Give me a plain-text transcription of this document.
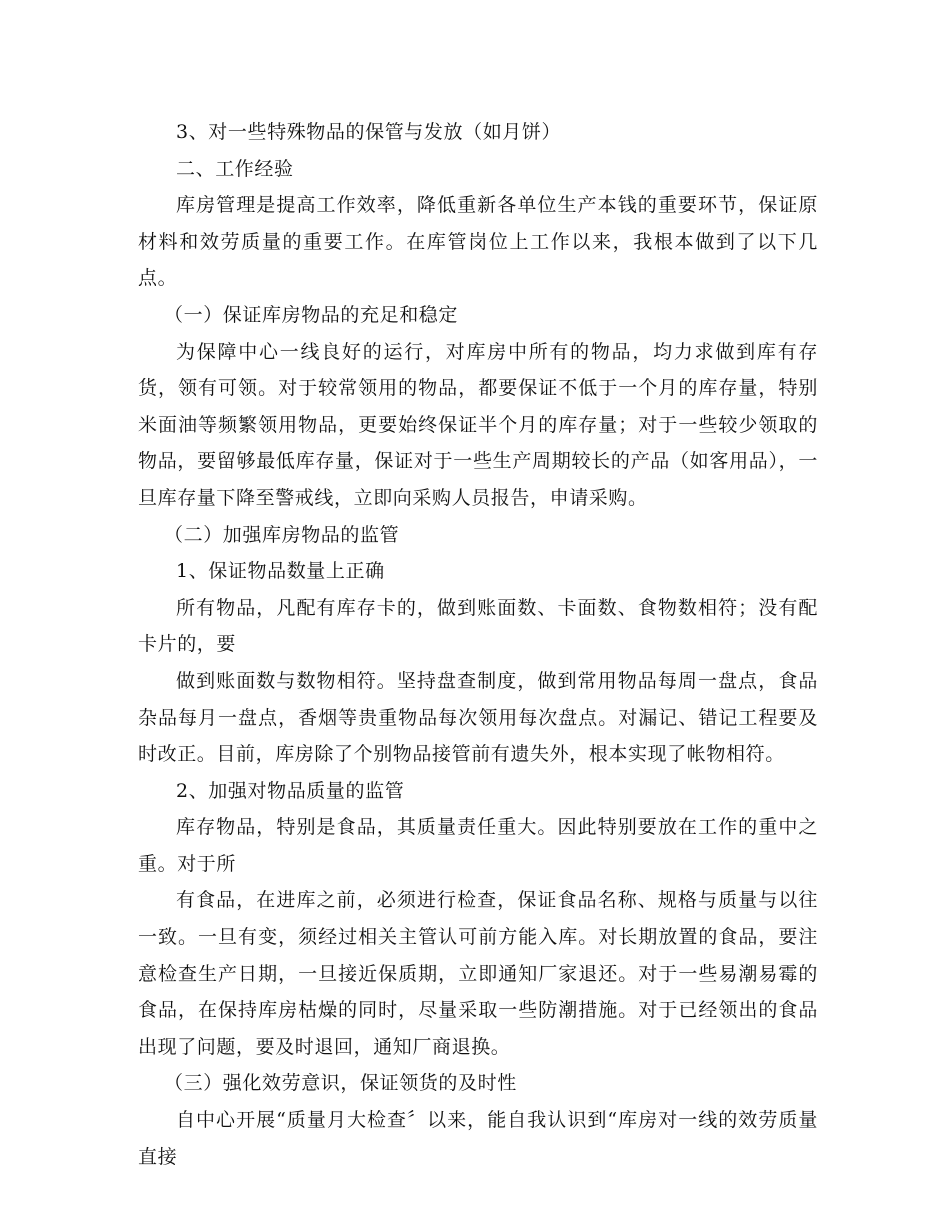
3、对一些特殊物品的保管与发放（如月饼）

二、工作经验

库房管理是提高工作效率，降低重新各单位生产本钱的重要环节，保证原材料和效劳质量的重要工作。在库管岗位上工作以来，我根本做到了以下几点。

（一）保证库房物品的充足和稳定

为保障中心一线良好的运行，对库房中所有的物品，均力求做到库有存货，领有可领。对于较常领用的物品，都要保证不低于一个月的库存量，特别米面油等频繁领用物品，更要始终保证半个月的库存量；对于一些较少领取的物品，要留够最低库存量，保证对于一些生产周期较长的产品（如客用品），一旦库存量下降至警戒线，立即向采购人员报告，申请采购。

（二）加强库房物品的监管

1、保证物品数量上正确

所有物品，凡配有库存卡的，做到账面数、卡面数、食物数相符；没有配卡片的，要

做到账面数与数物相符。坚持盘查制度，做到常用物品每周一盘点，食品杂品每月一盘点，香烟等贵重物品每次领用每次盘点。对漏记、错记工程要及时改正。目前，库房除了个别物品接管前有遗失外，根本实现了帐物相符。

2、加强对物品质量的监管

库存物品，特别是食品，其质量责任重大。因此特别要放在工作的重中之重。对于所

有食品，在进库之前，必须进行检查，保证食品名称、规格与质量与以往一致。一旦有变，须经过相关主管认可前方能入库。对长期放置的食品，要注意检查生产日期，一旦接近保质期，立即通知厂家退还。对于一些易潮易霉的食品，在保持库房枯燥的同时，尽量采取一些防潮措施。对于已经领出的食品出现了问题，要及时退回，通知厂商退换。

（三）强化效劳意识，保证领货的及时性

自中心开展“质量月大检查〞以来，能自我认识到“库房对一线的效劳质量直接
